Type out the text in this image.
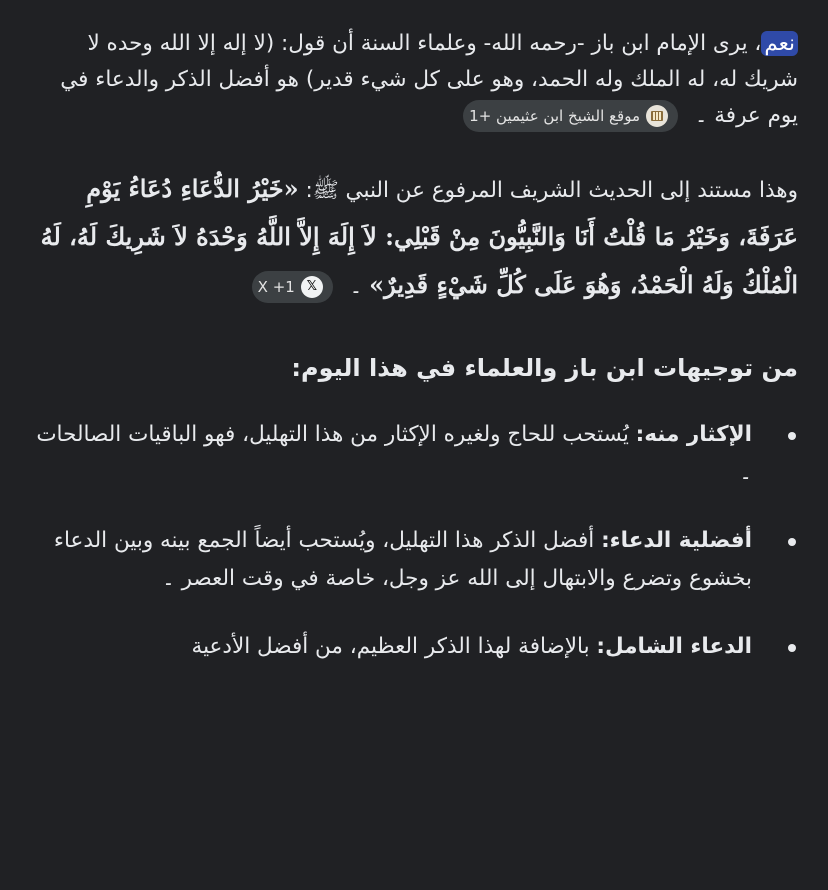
نعم، يرى الإمام ابن باز -رحمه الله- وعلماء السنة أن قول: (لا إله إلا الله وحده لا شريك له، له الملك وله الحمد، وهو على كل شيء قدير) هو أفضل الذكر والدعاء في يوم عرفة ۔
موقع الشيخ ابن عثيمين +1

وهذا مستند إلى الحديث الشريف المرفوع عن النبي ﷺ: «خَيْرُ الدُّعَاءِ دُعَاءُ يَوْمِ عَرَفَةَ، وَخَيْرُ مَا قُلْتُ أَنَا وَالنَّبِيُّونَ مِنْ قَبْلِي: لاَ إِلَهَ إِلاَّ اللَّهُ وَحْدَهُ لاَ شَرِيكَ لَهُ، لَهُ الْمُلْكُ وَلَهُ الْحَمْدُ، وَهُوَ عَلَى كُلِّ شَيْءٍ قَدِيرٌ» ۔
𝕏
X +1

من توجيهات ابن باز والعلماء في هذا اليوم:
الإكثار منه: يُستحب للحاج ولغيره الإكثار من هذا التهليل، فهو الباقيات الصالحات ۔
أفضلية الدعاء: أفضل الذكر هذا التهليل، ويُستحب أيضاً الجمع بينه وبين الدعاء بخشوع وتضرع والابتهال إلى الله عز وجل، خاصة في وقت العصر ۔
الدعاء الشامل: بالإضافة لهذا الذكر العظيم، من أفضل الأدعية
